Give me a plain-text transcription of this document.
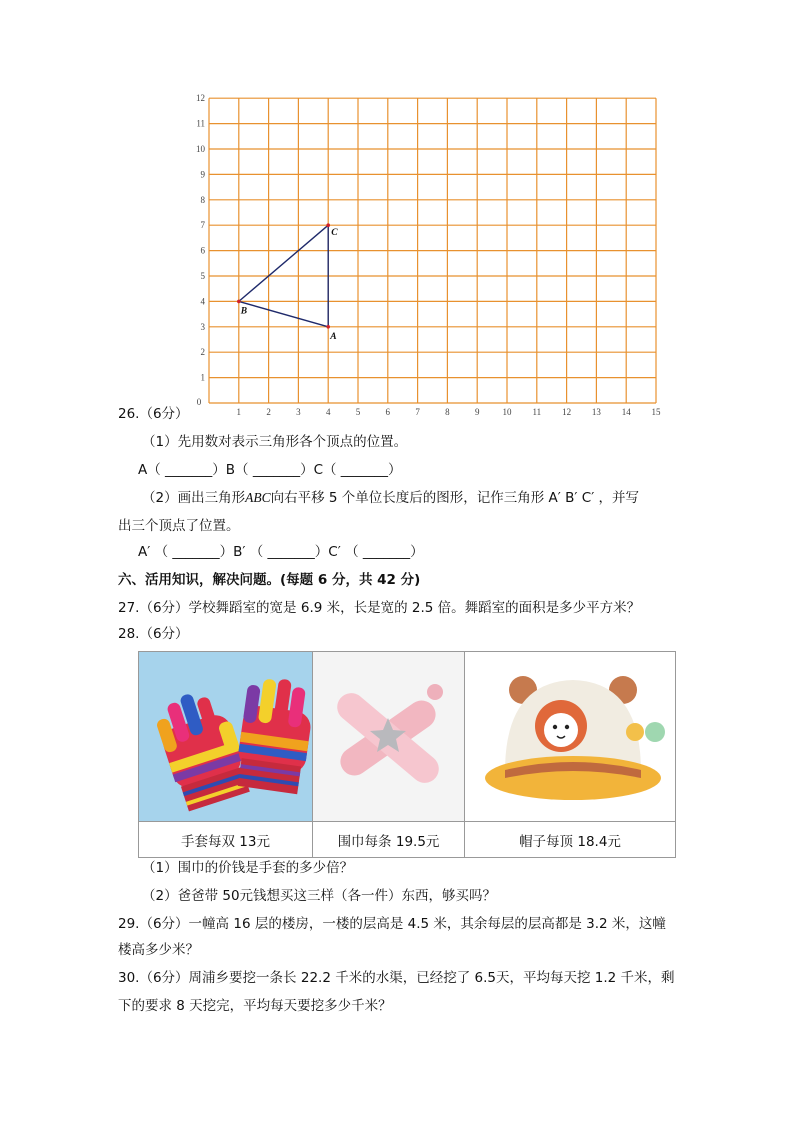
0
1	2	3	4	5	6	7	8	9	10 11 12 13 14 15
1
2
3
4
5
6
7
8
9
10
11
12
A
B
C
26.（6分）
（1）先用数对表示三角形各个顶点的位置。
A（ _______）B（ _______）C（ _______）
（2）画出三角形ABC向右平移 5 个单位长度后的图形，记作三角形 A′ B′ C′ ，并写
出三个顶点了位置。
A′ （ _______）B′ （ _______）C′ （ _______）
六、活用知识，解决问题。(每题 6 分，共 42 分)
27.（6分）学校舞蹈室的宽是 6.9 米，长是宽的 2.5 倍。舞蹈室的面积是多少平方米？
28.（6分）
手套每双 13元	围巾每条 19.5元	帽子每顶 18.4元
（1）围巾的价钱是手套的多少倍？
（2）爸爸带 50元钱想买这三样（各一件）东西，够买吗？
29.（6分）一幢高 16 层的楼房，一楼的层高是 4.5 米，其余每层的层高都是 3.2 米，这幢
楼高多少米？
30.（6分）周浦乡要挖一条长 22.2 千米的水渠，已经挖了 6.5天，平均每天挖 1.2 千米，剩
下的要求 8 天挖完，平均每天要挖多少千米？
